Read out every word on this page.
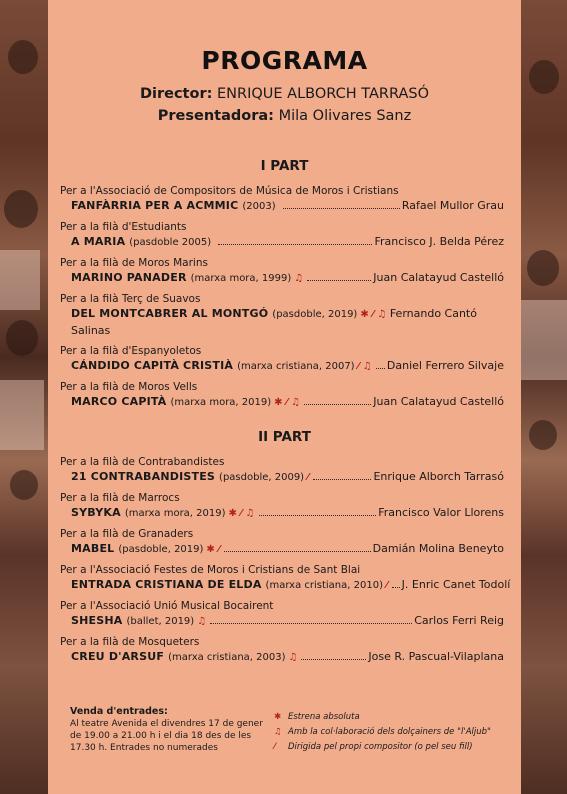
PROGRAMA
Director: ENRIQUE ALBORCH TARRASÓ
Presentadora: Mila Olivares Sanz
I PART
Per a l'Associació de Compositors de Música de Moros i Cristians
FANFÀRRIA PER A ACMMIC (2003)	Rafael Mullor Grau
Per a la filà d'Estudiants
A MARIA (pasdoble 2005)	Francisco J. Belda Pérez
Per a la filà de Moros Marins
MARINO PANADER (marxa mora, 1999) ♫	Juan Calatayud Castelló
Per a la filà Terç de Suavos
DEL MONTCABRER AL MONTGÓ (pasdoble, 2019) ✱ ⁄ ♫ Fernando Cantó Salinas
Per a la filà d'Espanyoletos
CÁNDIDO CAPITÀ CRISTIÀ (marxa cristiana, 2007) ⁄ ♫ Daniel Ferrero Silvaje
Per a la filà de Moros Vells
MARCO CAPITÀ (marxa mora, 2019) ✱ ⁄ ♫	Juan Calatayud Castelló
II PART
Per a la filà de Contrabandistes
21 CONTRABANDISTES (pasdoble, 2009) ⁄	Enrique Alborch Tarrasó
Per a la filà de Marrocs
SYBYKA (marxa mora, 2019) ✱ ⁄ ♫	Francisco Valor Llorens
Per a la filà de Granaders
MABEL (pasdoble, 2019) ✱ ⁄	Damián Molina Beneyto
Per a l'Associació Festes de Moros i Cristians de Sant Blai
ENTRADA CRISTIANA DE ELDA (marxa cristiana, 2010) ⁄ J. Enric Canet Todolí
Per a l'Associació Unió Musical Bocairent
SHESHA (ballet, 2019) ♫	Carlos Ferri Reig
Per a la filà de Mosqueters
CREU D'ARSUF (marxa cristiana, 2003) ♫	Jose R. Pascual-Vilaplana
Venda d'entrades:
Al teatre Avenida el divendres 17 de gener de 19.00 a 21.00 h i el dia 18 des de les 17.30 h. Entrades no numerades
✱ Estrena absoluta
♫ Amb la col·laboració dels dolçainers de "l'Aljub"
⁄ Dirigida pel propi compositor (o pel seu fill)
